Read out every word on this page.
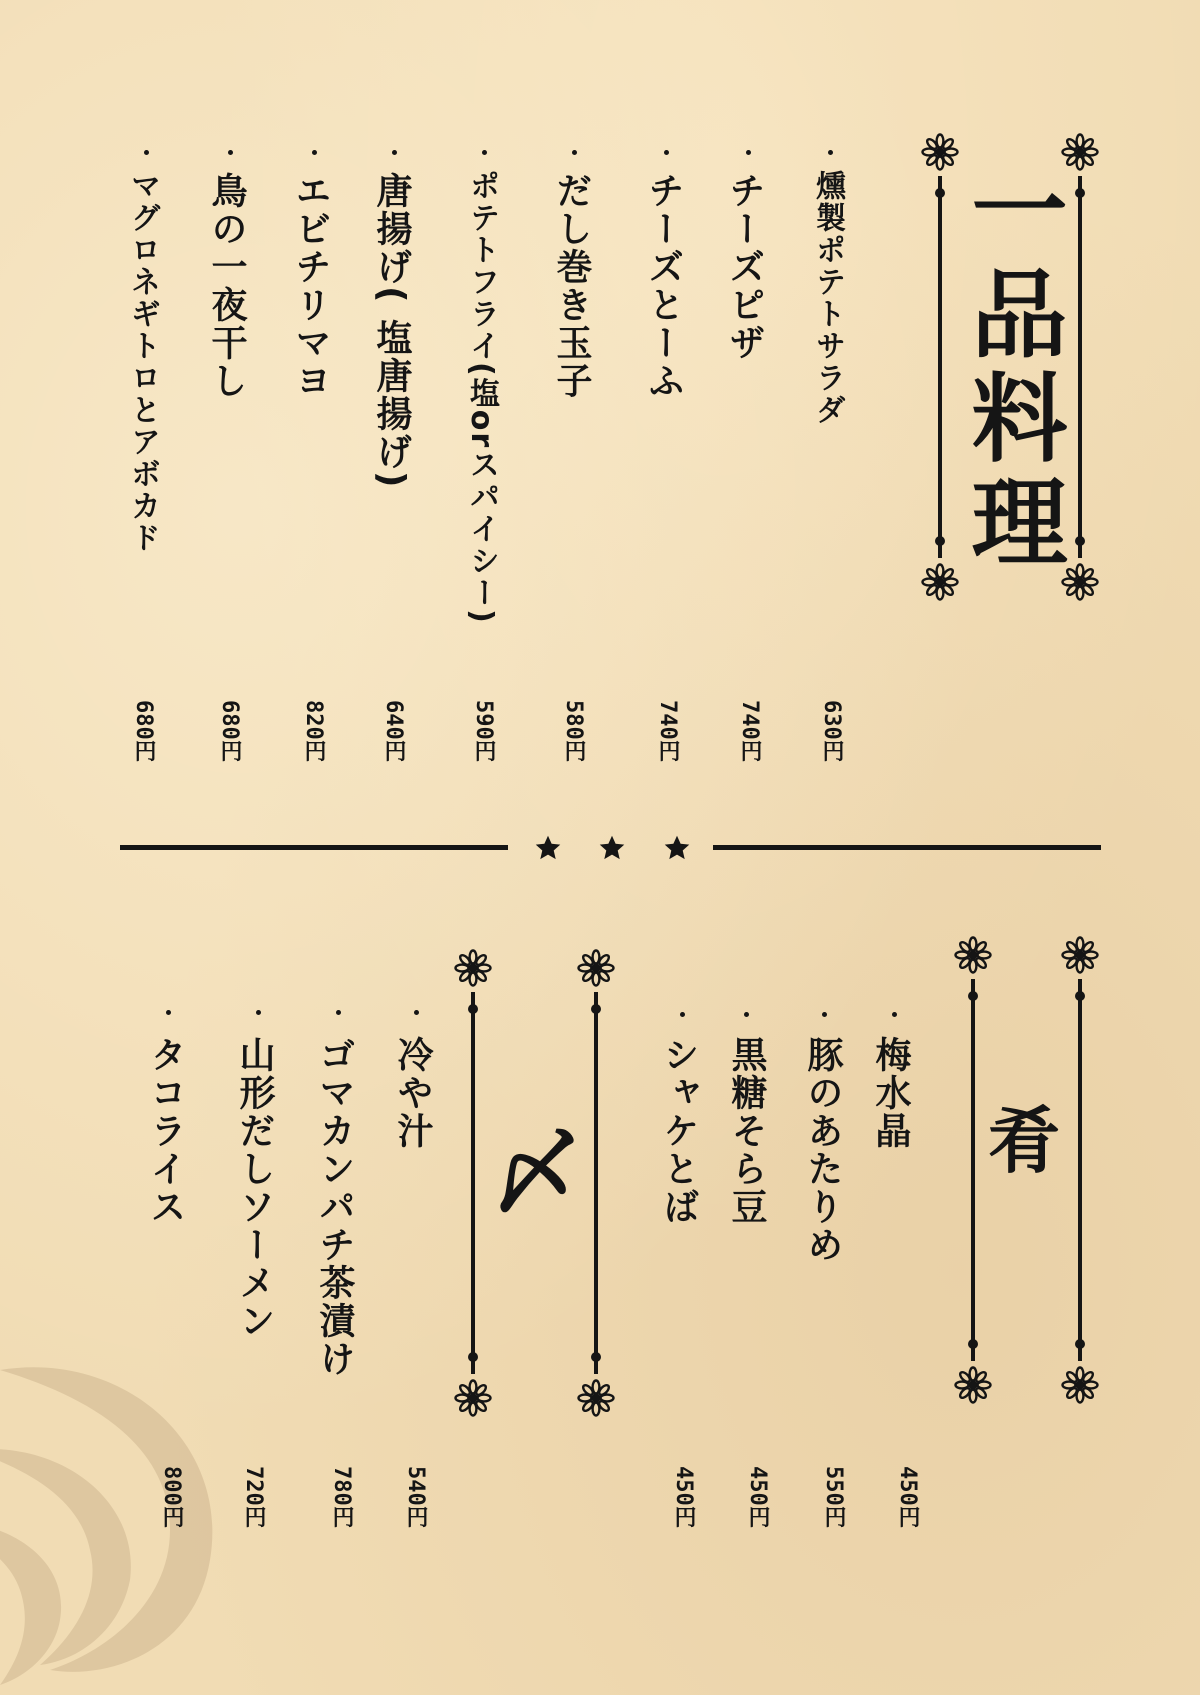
一品料理
燻製ポテトサラダ
630円
チーズピザ
740円
チーズとーふ
740円
だし巻き玉子
580円
ポテトフライ(塩orスパイシー)
590円
唐揚げ( 塩唐揚げ)
640円
エビチリマヨ
820円
鳥の一夜干し
680円
マグロネギトロとアボカド
680円
肴
梅水晶
450円
豚のあたりめ
550円
黒糖そら豆
450円
シャケとば
450円
〆
冷や汁
540円
ゴマカンパチ茶漬け
780円
山形だしソーメン
720円
タコライス
800円
